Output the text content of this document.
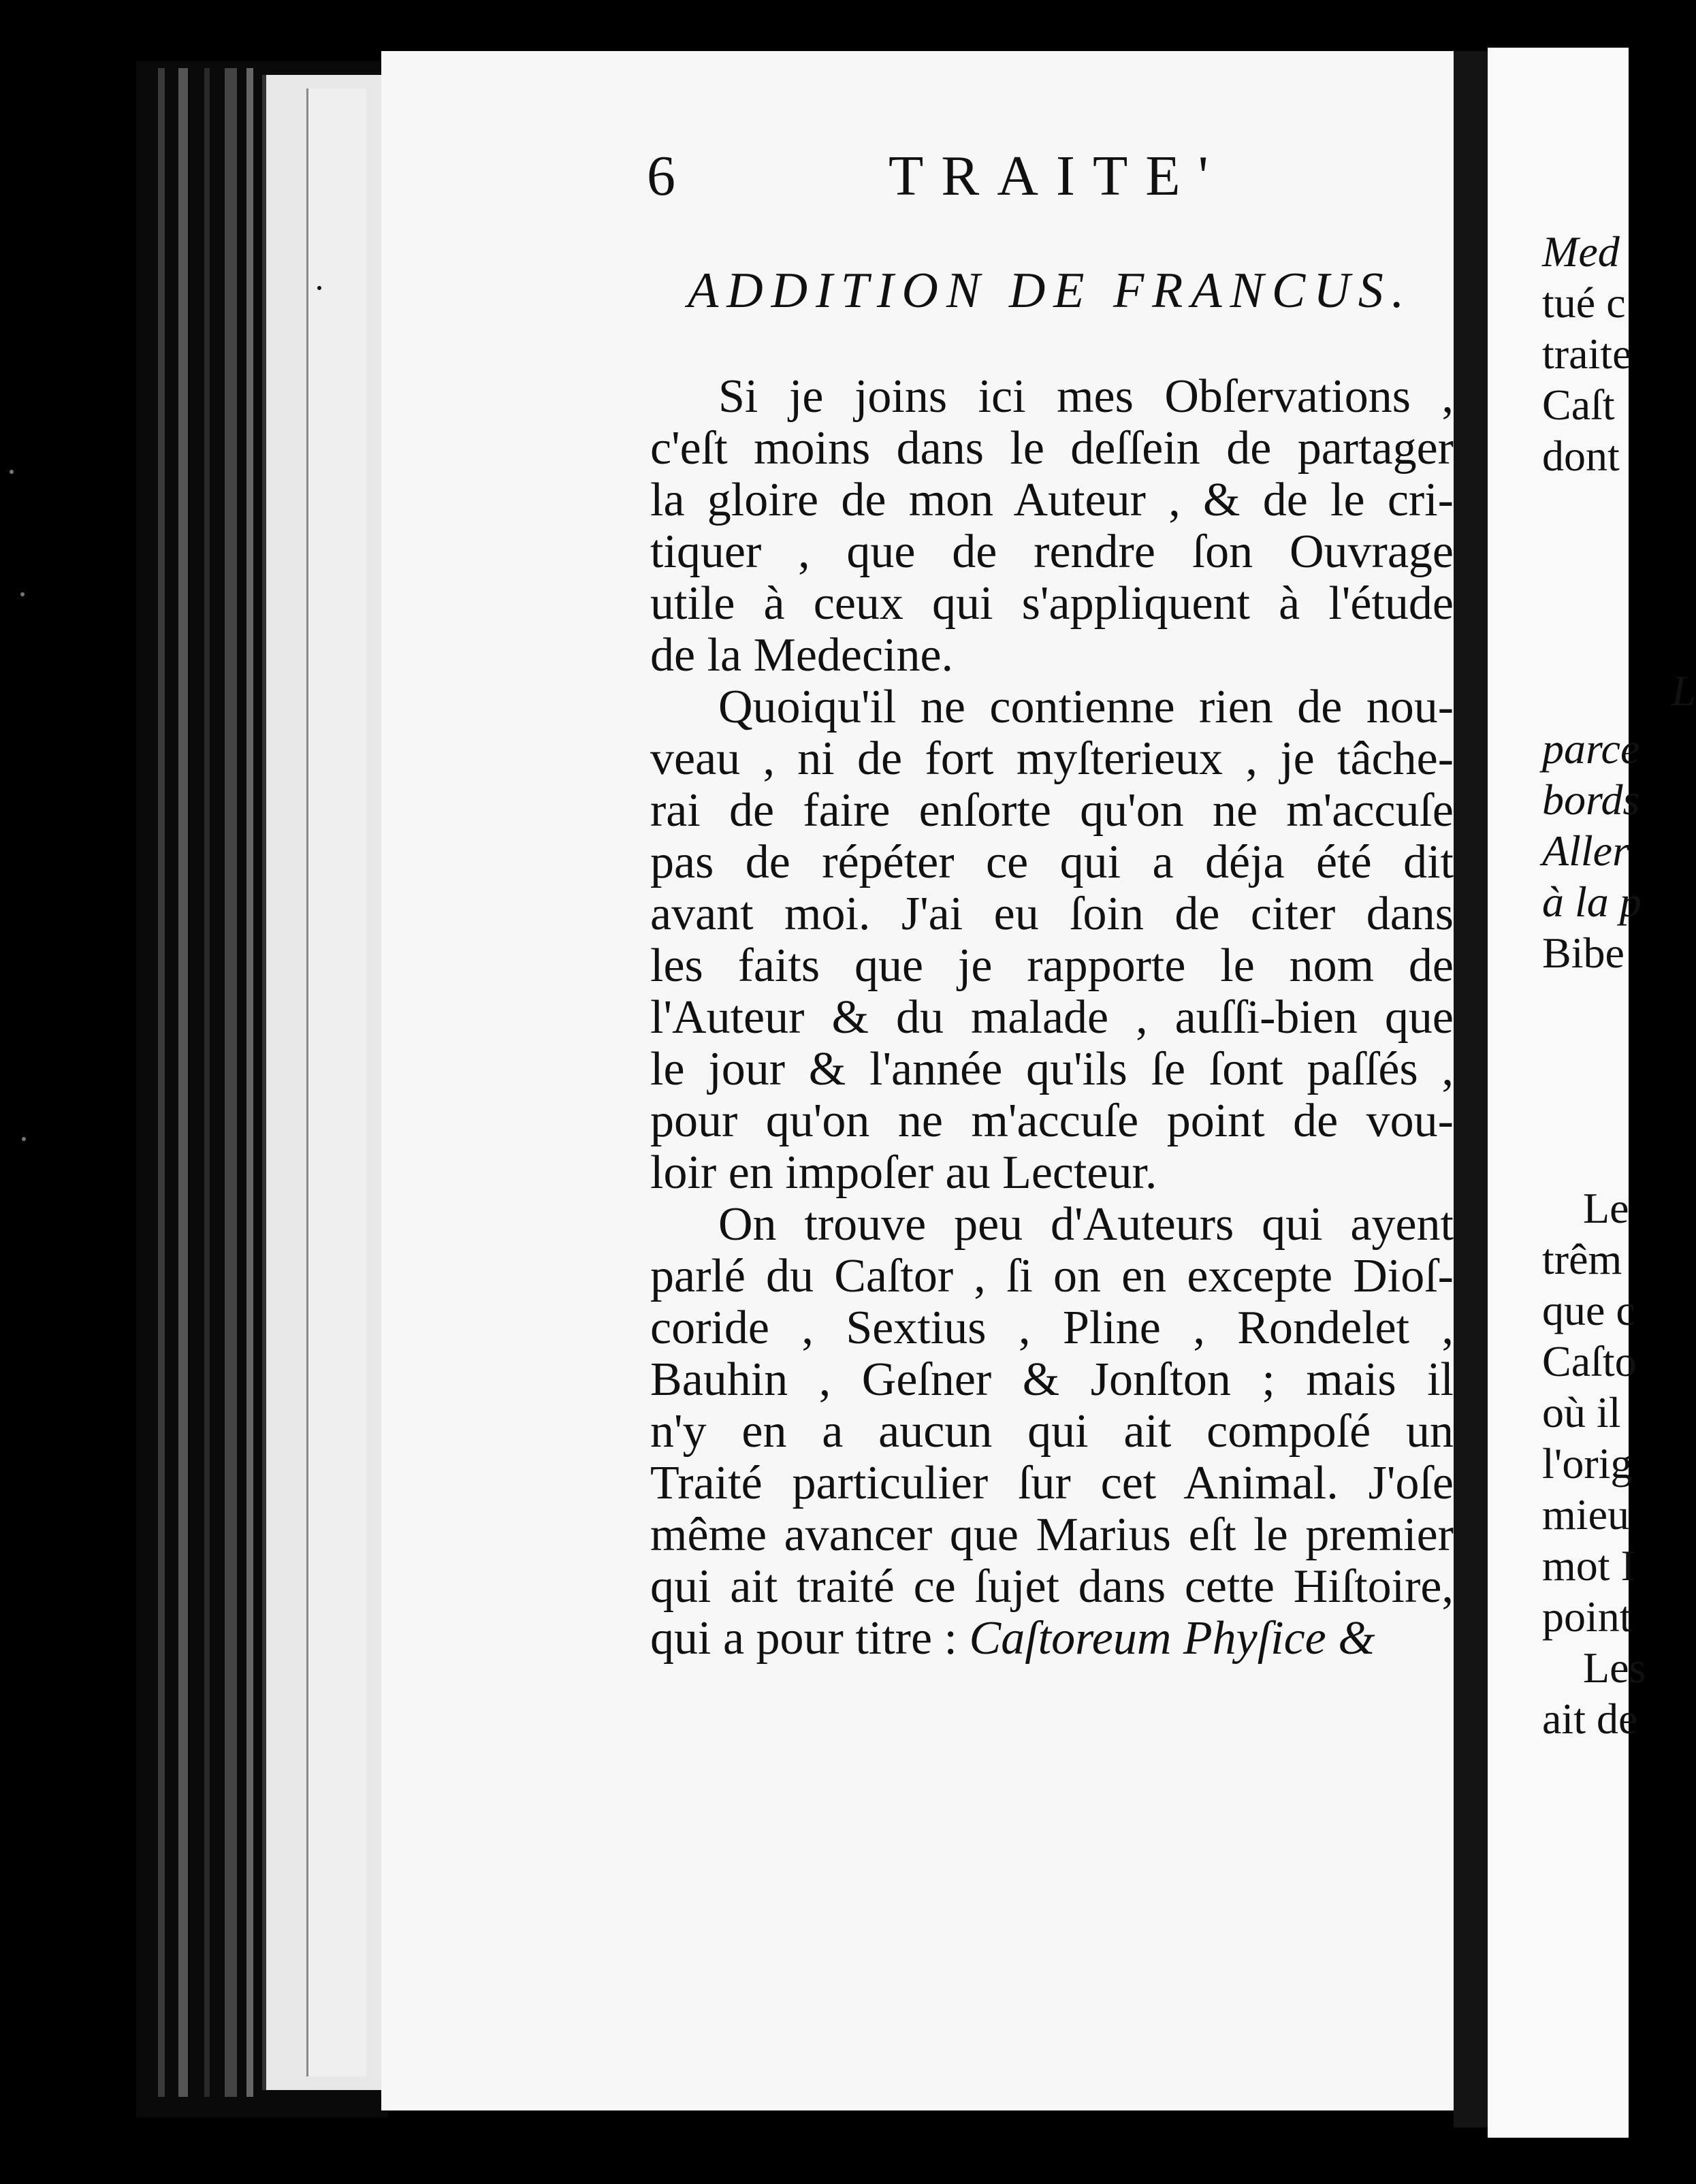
6	TRAITE'
ADDITION DE FRANCUS.
Si je joins ici mes Obſervations ,
c'eſt moins dans le deſſein de partager
la gloire de mon Auteur , & de le cri-
tiquer , que de rendre ſon Ouvrage
utile à ceux qui s'appliquent à l'étude
de la Medecine.
Quoiqu'il ne contienne rien de nou-
veau , ni de fort myſterieux , je tâche-
rai de faire enſorte qu'on ne m'accuſe
pas de répéter ce qui a déja été dit
avant moi. J'ai eu ſoin de citer dans
les faits que je rapporte le nom de
l'Auteur & du malade , auſſi-bien que
le jour & l'année qu'ils ſe ſont paſſés ,
pour qu'on ne m'accuſe point de vou-
loir en impoſer au Lecteur.
On trouve peu d'Auteurs qui ayent
parlé du Caſtor , ſi on en excepte Dioſ-
coride , Sextius , Pline , Rondelet ,
Bauhin , Geſner & Jonſton ; mais il
n'y en a aucun qui ait compoſé un
Traité particulier ſur cet Animal. J'oſe
même avancer que Marius eſt le premier
qui ait traité ce ſujet dans cette Hiſtoire,
qui a pour titre : Caſtoreum Phyſice &
Med
tué c
traite
Caſt
dont
L
parce
bords
Aller
à la p
Bibe
Le
trêm
que c
Caſto
où il
l'orig
mieu
mot I
point
Les
ait de
